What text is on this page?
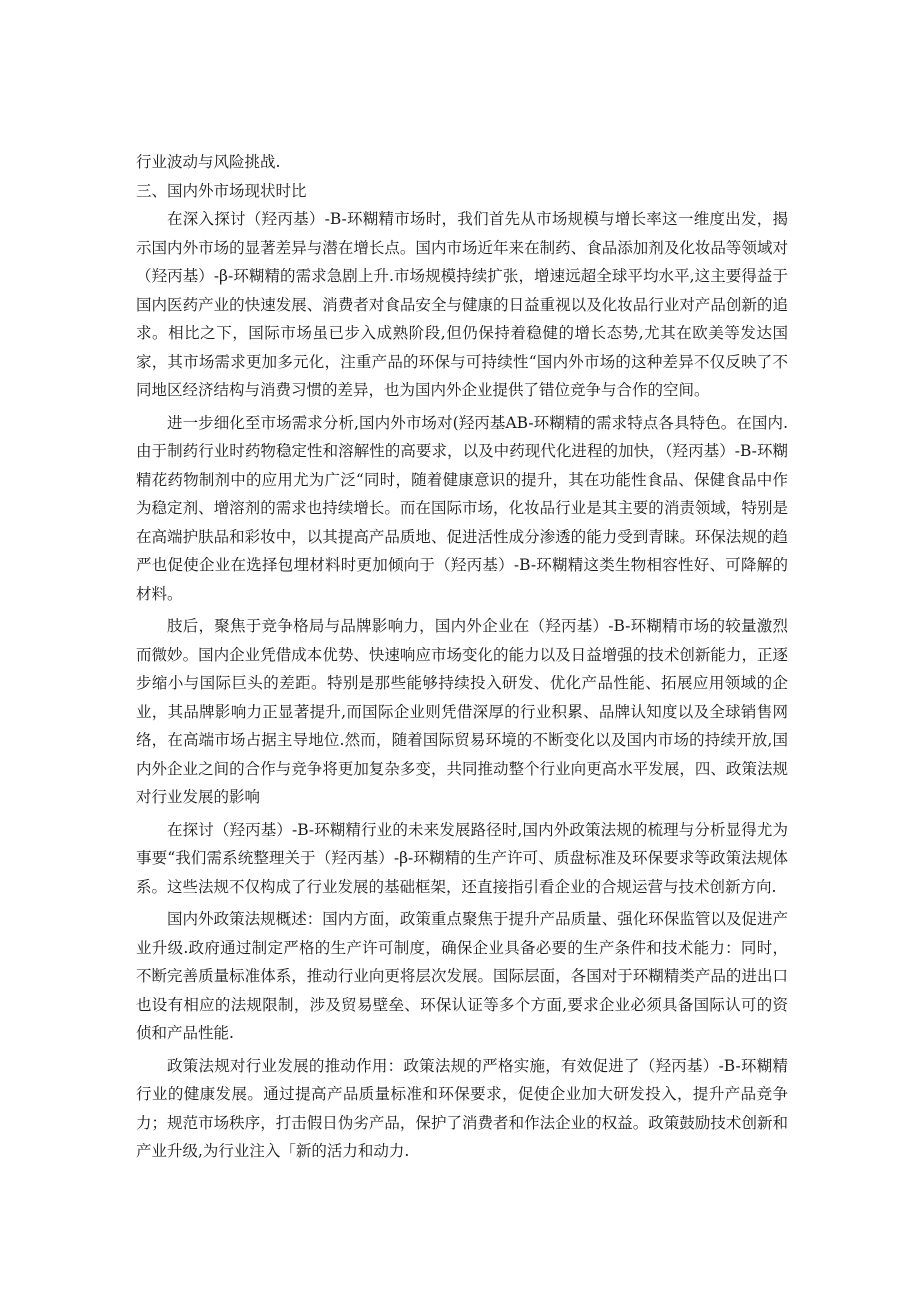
行业波动与风险挑战.

三、国内外市场现状时比

在深入探讨（羟丙基）-B-环糊精市场时，我们首先从市场规模与增长率这一维度出发，揭示国内外市场的显著差异与潜在增长点。国内市场近年来在制药、食品添加剂及化妆品等领域对（羟丙基）-β-环糊精的需求急剧上升.市场规模持续扩张，增速远超全球平均水平,这主要得益于国内医药产业的快速发展、消费者对食品安全与健康的日益重视以及化妆品行业对产品创新的追求。相比之下，国际市场虽已步入成熟阶段,但仍保持着稳健的增长态势,尤其在欧美等发达国家，其市场需求更加多元化，注重产品的环保与可持续性“国内外市场的这种差异不仅反映了不同地区经济结构与消费习惯的差异，也为国内外企业提供了错位竞争与合作的空间。

进一步细化至市场需求分析,国内外市场对(羟丙基AB-环糊精的需求特点各具特色。在国内.由于制药行业时药物稳定性和溶解性的高要求，以及中药现代化进程的加快，（羟丙基）-B-环糊精花药物制剂中的应用尤为广泛“同时，随着健康意识的提升，其在功能性食品、保健食品中作为稳定剂、增溶剂的需求也持续增长。而在国际市场，化妆品行业是其主要的消责领域，特别是在高端护肤品和彩妆中，以其提高产品质地、促进活性成分渗透的能力受到青睐。环保法规的趋严也促使企业在选择包埋材料时更加倾向于（羟丙基）-B-环糊精这类生物相容性好、可降解的材料。

肢后，聚焦于竞争格局与品牌影响力，国内外企业在（羟丙基）-B-环糊精市场的较量激烈而微妙。国内企业凭借成本优势、快速响应市场变化的能力以及日益增强的技术创新能力，正逐步缩小与国际巨头的差距。特别是那些能够持续投入研发、优化产品性能、拓展应用领域的企业，其品牌影响力正显著提升,而国际企业则凭借深厚的行业积累、品牌认知度以及全球销售网络，在高端市场占据主导地位.然而，随着国际贸易环境的不断变化以及国内市场的持续开放,国内外企业之间的合作与竞争将更加复杂多变，共同推动整个行业向更高水平发展，四、政策法规对行业发展的影响

在探讨（羟丙基）-B-环糊精行业的未来发展路径时,国内外政策法规的梳理与分析显得尤为事要“我们需系统整理关于（羟丙基）-β-环糊精的生产许可、质盘标准及环保要求等政策法规体系。这些法规不仅构成了行业发展的基础框架，还直接指引看企业的合规运营与技术创新方向.

国内外政策法规概述：国内方面，政策重点聚焦于提升产品质量、强化环保监管以及促进产业升级.政府通过制定严格的生产许可制度，确保企业具备必要的生产条件和技术能力：同时，不断完善质量标准体系，推动行业向更将层次发展。国际层面，各国对于环糊精类产品的进出口也设有相应的法规限制，涉及贸易壁垒、环保认证等多个方面,要求企业必须具备国际认可的资侦和产品性能.

政策法规对行业发展的推动作用：政策法规的严格实施，有效促进了（羟丙基）-B-环糊精行业的健康发展。通过提高产品质量标准和环保要求，促使企业加大研发投入，提升产品竞争力；规范市场秩序，打击假日伪劣产品，保护了消费者和作法企业的权益。政策鼓励技术创新和产业升级,为行业注入「新的活力和动力.
